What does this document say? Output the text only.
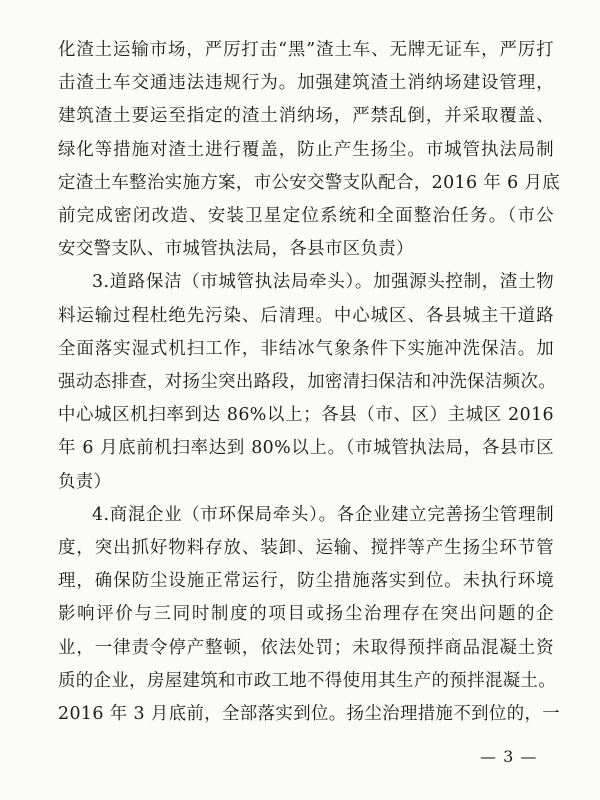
化渣土运输市场，严厉打击“黑”渣土车、无牌无证车，严厉打
击渣土车交通违法违规行为。加强建筑渣土消纳场建设管理，
建筑渣土要运至指定的渣土消纳场，严禁乱倒，并采取覆盖、
绿化等措施对渣土进行覆盖，防止产生扬尘。市城管执法局制
定渣土车整治实施方案，市公安交警支队配合，2016 年 6 月底
前完成密闭改造、安装卫星定位系统和全面整治任务。（市公
安交警支队、市城管执法局，各县市区负责）
3.道路保洁（市城管执法局牵头）。加强源头控制，渣土物
料运输过程杜绝先污染、后清理。中心城区、各县城主干道路
全面落实湿式机扫工作，非结冰气象条件下实施冲洗保洁。加
强动态排查，对扬尘突出路段，加密清扫保洁和冲洗保洁频次。
中心城区机扫率到达 86%以上；各县（市、区）主城区 2016
年 6 月底前机扫率达到 80%以上。（市城管执法局，各县市区
负责）
4.商混企业（市环保局牵头）。各企业建立完善扬尘管理制
度，突出抓好物料存放、装卸、运输、搅拌等产生扬尘环节管
理，确保防尘设施正常运行，防尘措施落实到位。未执行环境
影响评价与三同时制度的项目或扬尘治理存在突出问题的企
业，一律责令停产整顿，依法处罚；未取得预拌商品混凝土资
质的企业，房屋建筑和市政工地不得使用其生产的预拌混凝土。
2016 年 3 月底前，全部落实到位。扬尘治理措施不到位的，一
— 3 —
